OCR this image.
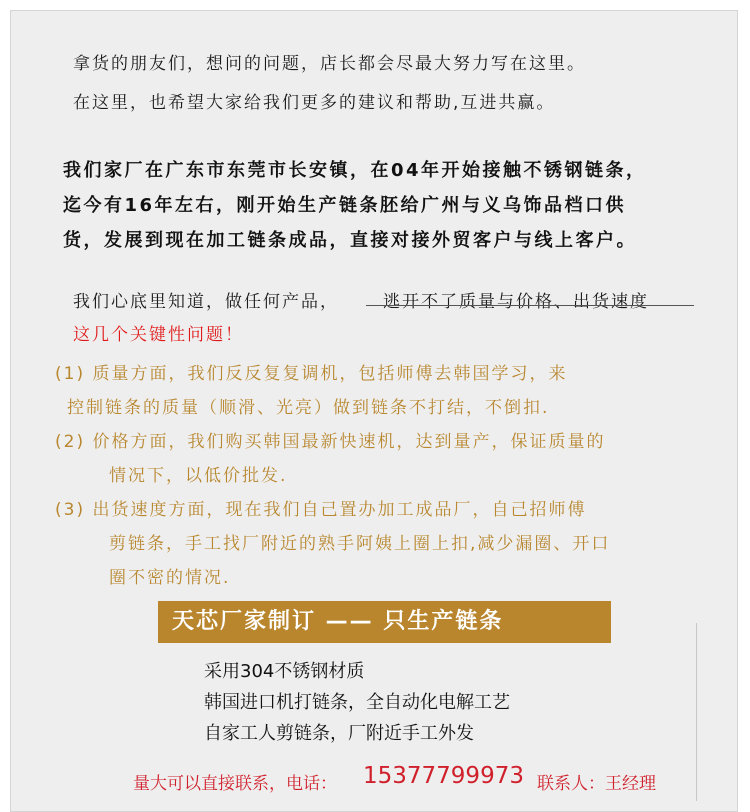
拿货的朋友们，想问的问题，店长都会尽最大努力写在这里。
在这里，也希望大家给我们更多的建议和帮助,互进共赢。
我们家厂在广东市东莞市长安镇，在04年开始接触不锈钢链条，
迄今有16年左右，刚开始生产链条胚给广州与义乌饰品档口供
货，发展到现在加工链条成品，直接对接外贸客户与线上客户。
我们心底里知道，做任何产品，	逃开不了质量与价格、出货速度
这几个关键性问题！
(1) 质量方面，我们反反复复调机，包括师傅去韩国学习，来
控制链条的质量（顺滑、光亮）做到链条不打结，不倒扣.
(2) 价格方面，我们购买韩国最新快速机，达到量产，保证质量的
情况下，以低价批发.
(3) 出货速度方面，现在我们自己置办加工成品厂，自己招师傅
剪链条，手工找厂附近的熟手阿姨上圈上扣,减少漏圈、开口
圈不密的情况.
天芯厂家制订 —— 只生产链条
采用304不锈钢材质
韩国进口机打链条，全自动化电解工艺
自家工人剪链条，厂附近手工外发
量大可以直接联系，电话： 15377799973 联系人：王经理
